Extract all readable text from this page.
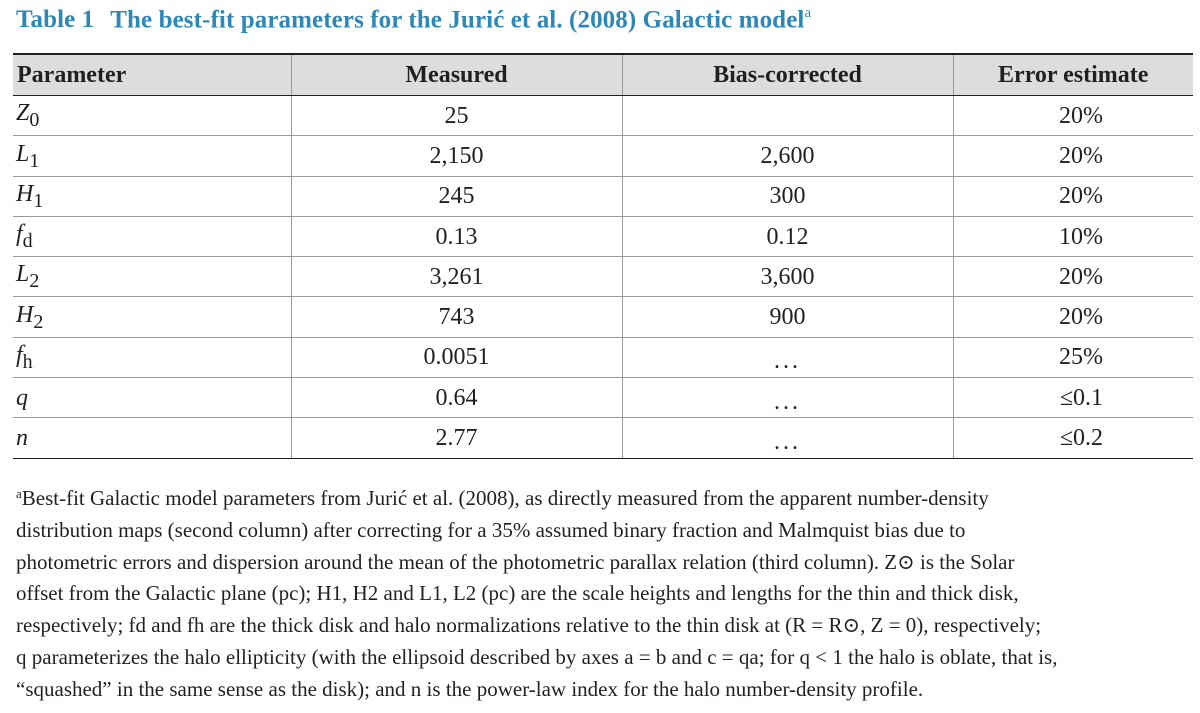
Table 1 The best-fit parameters for the Jurić et al. (2008) Galactic model$^a$
Parameter	Measured	Bias-corrected	Error estimate
$Z_0$	25		20%
$L_1$	2,150	2,600	20%
$H_1$	245	300	20%
$f_d$	0.13	0.12	10%
$L_2$	3,261	3,600	20%
$H_2$	743	900	20%
$f_h$	0.0051	...	25%
q	0.64	...	≤0.1
n	2.77	...	≤0.2
$^a$Best-fit Galactic model parameters from Jurić et al. (2008), as directly measured from the apparent number-density
distribution maps (second column) after correcting for a 35% assumed binary fraction and Malmquist bias due to
photometric errors and dispersion around the mean of the photometric parallax relation (third column). Z⊙ is the Solar
offset from the Galactic plane (pc); H1, H2 and L1, L2 (pc) are the scale heights and lengths for the thin and thick disk,
respectively; fd and fh are the thick disk and halo normalizations relative to the thin disk at (R = R⊙, Z = 0), respectively;
q parameterizes the halo ellipticity (with the ellipsoid described by axes a = b and c = qa; for q < 1 the halo is oblate, that is,
“squashed” in the same sense as the disk); and n is the power-law index for the halo number-density profile.
